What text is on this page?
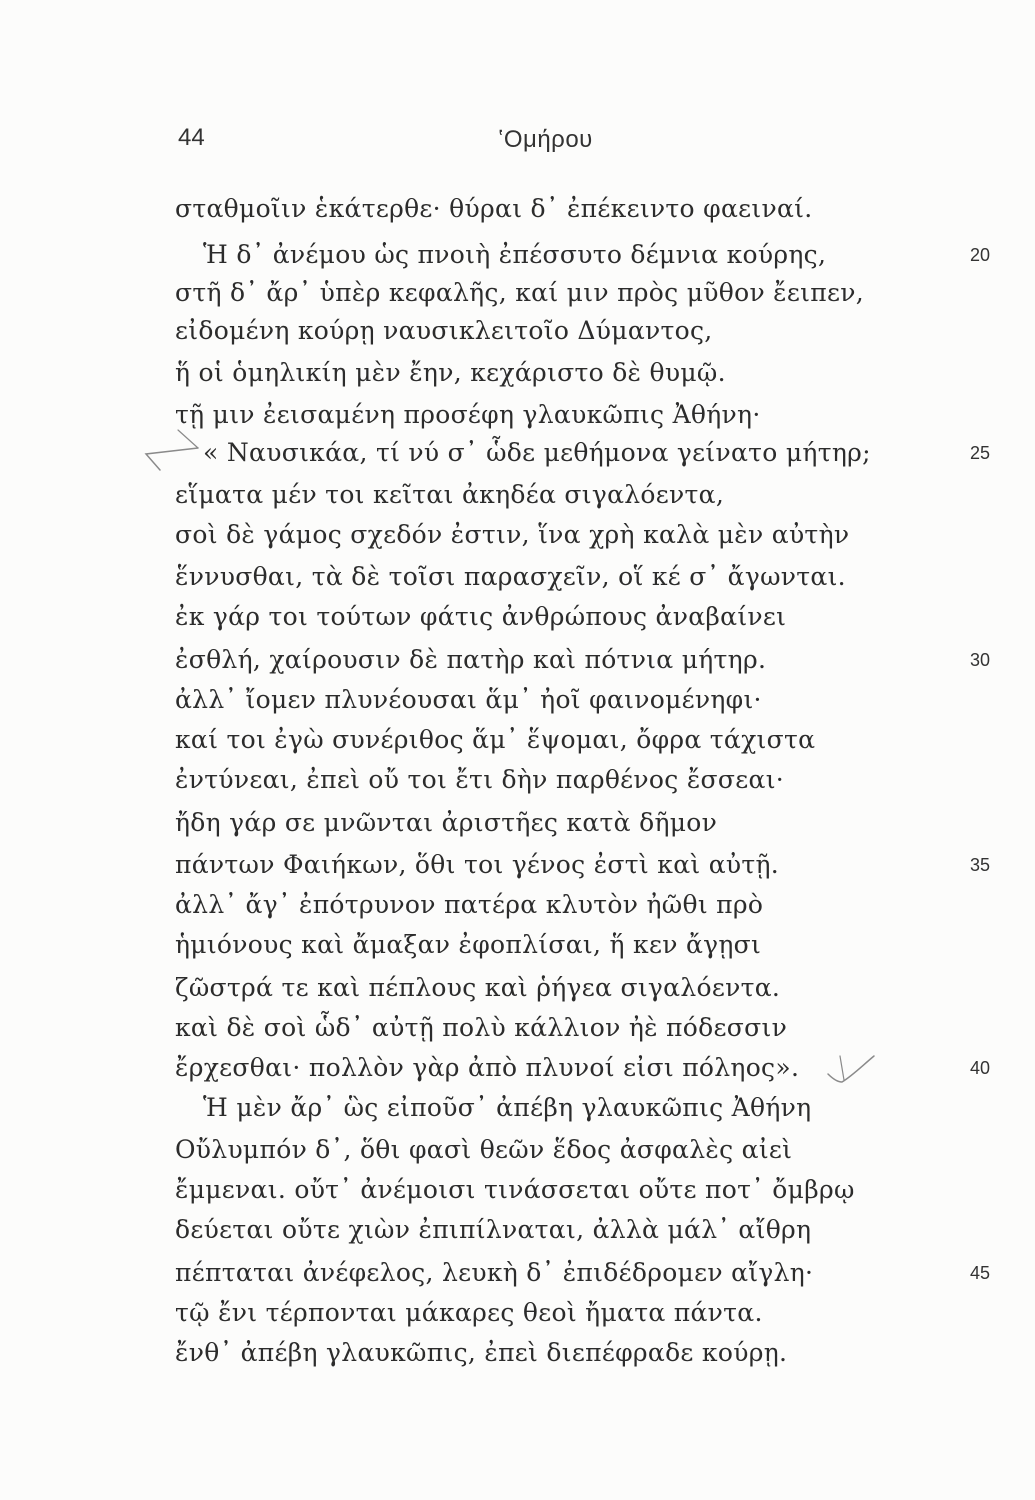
44	ʽΟμήρου
σταθμοῖιν ἑκάτερθε· θύραι δ᾽ ἐπέκειντο φαειναί.
Ἡ δ᾽ ἀνέμου ὡς πνοιὴ ἐπέσσυτο δέμνια κούρης,	20
στῆ δ᾽ ἄρ᾽ ὑπὲρ κεφαλῆς, καί μιν πρὸς μῦθον ἔειπεν,
εἰδομένη κούρῃ ναυσικλειτοῖο Δύμαντος,
ἥ οἱ ὁμηλικίη μὲν ἔην, κεχάριστο δὲ θυμῷ.
τῇ μιν ἐεισαμένη προσέφη γλαυκῶπις Ἀθήνη·
« Ναυσικάα, τί νύ σ᾽ ὧδε μεθήμονα γείνατο μήτηρ;	25
εἵματα μέν τοι κεῖται ἀκηδέα σιγαλόεντα,
σοὶ δὲ γάμος σχεδόν ἐστιν, ἵνα χρὴ καλὰ μὲν αὐτὴν
ἕννυσθαι, τὰ δὲ τοῖσι παρασχεῖν, οἵ κέ σ᾽ ἄγωνται.
ἐκ γάρ τοι τούτων φάτις ἀνθρώπους ἀναβαίνει
ἐσθλή, χαίρουσιν δὲ πατὴρ καὶ πότνια μήτηρ.	30
ἀλλ᾽ ἴομεν πλυνέουσαι ἅμ᾽ ἠοῖ φαινομένηφι·
καί τοι ἐγὼ συνέριθος ἅμ᾽ ἕψομαι, ὄφρα τάχιστα
ἐντύνεαι, ἐπεὶ οὔ τοι ἔτι δὴν παρθένος ἔσσεαι·
ἤδη γάρ σε μνῶνται ἀριστῆες κατὰ δῆμον
πάντων Φαιήκων, ὅθι τοι γένος ἐστὶ καὶ αὐτῇ.	35
ἀλλ᾽ ἄγ᾽ ἐπότρυνον πατέρα κλυτὸν ἠῶθι πρὸ
ἡμιόνους καὶ ἄμαξαν ἐφοπλίσαι, ἥ κεν ἄγῃσι
ζῶστρά τε καὶ πέπλους καὶ ῥήγεα σιγαλόεντα.
καὶ δὲ σοὶ ὧδ᾽ αὐτῇ πολὺ κάλλιον ἠὲ πόδεσσιν
ἔρχεσθαι· πολλὸν γὰρ ἀπὸ πλυνοί εἰσι πόληος».	40
Ἡ μὲν ἄρ᾽ ὣς εἰποῦσ᾽ ἀπέβη γλαυκῶπις Ἀθήνη
Οὔλυμπόν δ᾽, ὅθι φασὶ θεῶν ἕδος ἀσφαλὲς αἰεὶ
ἔμμεναι. οὔτ᾽ ἀνέμοισι τινάσσεται οὔτε ποτ᾽ ὄμβρῳ
δεύεται οὔτε χιὼν ἐπιπίλναται, ἀλλὰ μάλ᾽ αἴθρη
πέπταται ἀνέφελος, λευκὴ δ᾽ ἐπιδέδρομεν αἴγλη·	45
τῷ ἔνι τέρπονται μάκαρες θεοὶ ἤματα πάντα.
ἔνθ᾽ ἀπέβη γλαυκῶπις, ἐπεὶ διεπέφραδε κούρῃ.
